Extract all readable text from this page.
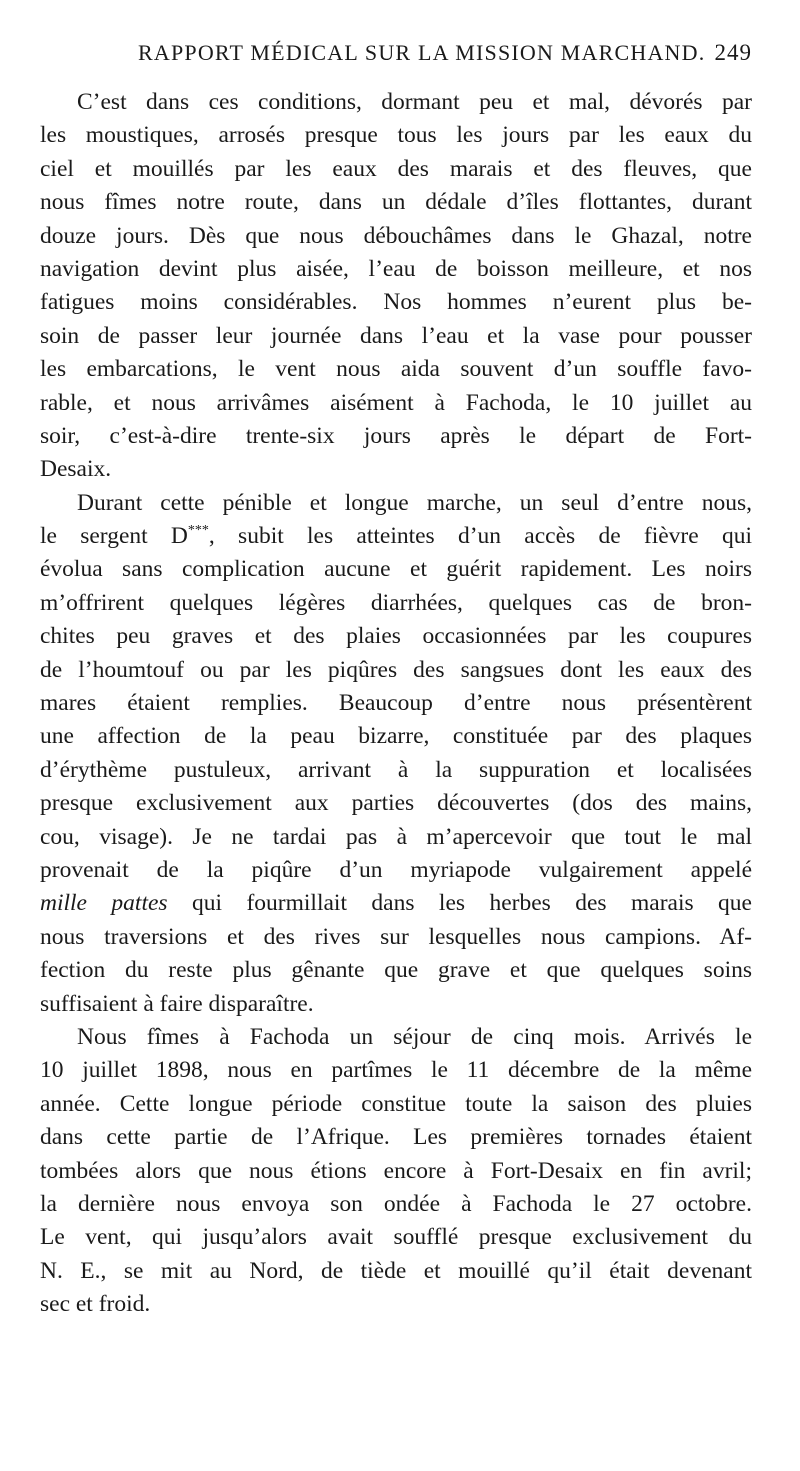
RAPPORT MÉDICAL SUR LA MISSION MARCHAND. 249
C’est dans ces conditions, dormant peu et mal, dévorés par
les moustiques, arrosés presque tous les jours par les eaux du
ciel et mouillés par les eaux des marais et des fleuves, que
nous fîmes notre route, dans un dédale d’îles flottantes, durant
douze jours. Dès que nous débouchâmes dans le Ghazal, notre
navigation devint plus aisée, l’eau de boisson meilleure, et nos
fatigues moins considérables. Nos hommes n’eurent plus be-
soin de passer leur journée dans l’eau et la vase pour pousser
les embarcations, le vent nous aida souvent d’un souffle favo-
rable, et nous arrivâmes aisément à Fachoda, le 10 juillet au
soir, c’est-à-dire trente-six jours après le départ de Fort-
Desaix.
Durant cette pénible et longue marche, un seul d’entre nous,
le sergent D***, subit les atteintes d’un accès de fièvre qui
évolua sans complication aucune et guérit rapidement. Les noirs
m’offrirent quelques légères diarrhées, quelques cas de bron-
chites peu graves et des plaies occasionnées par les coupures
de l’houmtouf ou par les piqûres des sangsues dont les eaux des
mares étaient remplies. Beaucoup d’entre nous présentèrent
une affection de la peau bizarre, constituée par des plaques
d’érythème pustuleux, arrivant à la suppuration et localisées
presque exclusivement aux parties découvertes (dos des mains,
cou, visage). Je ne tardai pas à m’apercevoir que tout le mal
provenait de la piqûre d’un myriapode vulgairement appelé
mille pattes qui fourmillait dans les herbes des marais que
nous traversions et des rives sur lesquelles nous campions. Af-
fection du reste plus gênante que grave et que quelques soins
suffisaient à faire disparaître.
Nous fîmes à Fachoda un séjour de cinq mois. Arrivés le
10 juillet 1898, nous en partîmes le 11 décembre de la même
année. Cette longue période constitue toute la saison des pluies
dans cette partie de l’Afrique. Les premières tornades étaient
tombées alors que nous étions encore à Fort-Desaix en fin avril;
la dernière nous envoya son ondée à Fachoda le 27 octobre.
Le vent, qui jusqu’alors avait soufflé presque exclusivement du
N. E., se mit au Nord, de tiède et mouillé qu’il était devenant
sec et froid.
